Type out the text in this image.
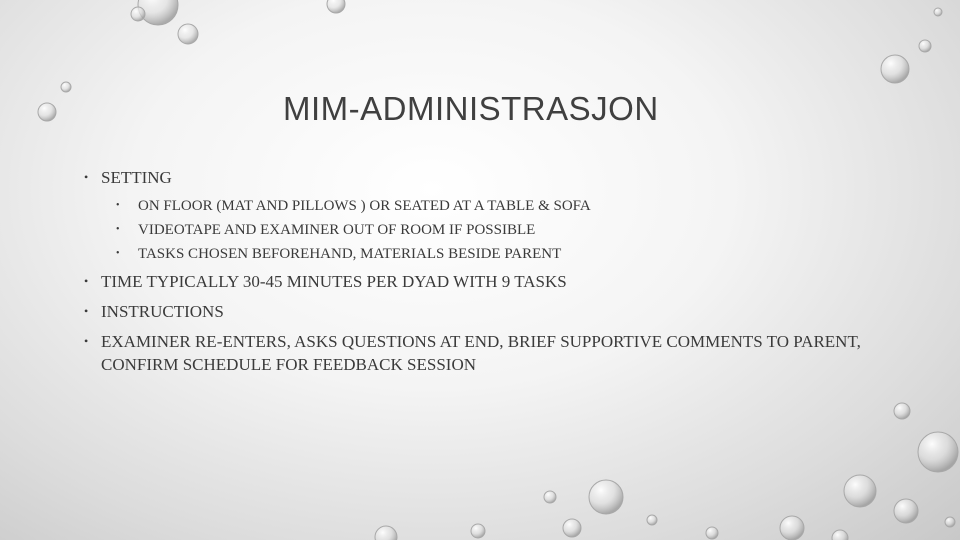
MIM-ADMINISTRASJON
• SETTING
• ON FLOOR (MAT AND PILLOWS ) OR SEATED AT A TABLE & SOFA
• VIDEOTAPE AND EXAMINER OUT OF ROOM IF POSSIBLE
• TASKS CHOSEN BEFOREHAND, MATERIALS BESIDE PARENT
• TIME TYPICALLY 30-45 MINUTES PER DYAD WITH 9 TASKS
• INSTRUCTIONS
• EXAMINER RE-ENTERS, ASKS QUESTIONS AT END, BRIEF SUPPORTIVE COMMENTS TO PARENT, CONFIRM SCHEDULE FOR FEEDBACK SESSION
